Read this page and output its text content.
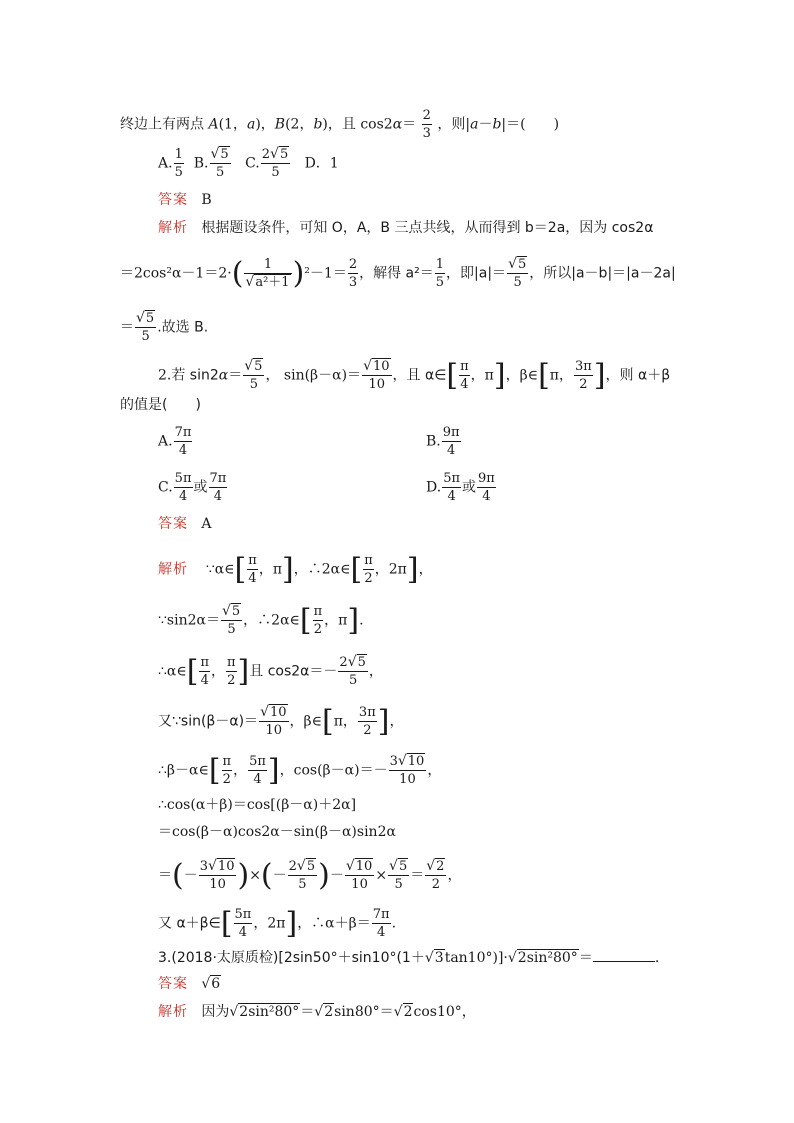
终边上有两点 A(1，a)，B(2，b)，且 $\cos 2\alpha= \frac{2}{3}$ ，则|a－b|＝(　　)
A. $\frac{1}{5} B$. $\frac{√5}{5} C$. $\frac{2√5}{5}$ D．1
答案 B
解析 根据题设条件，可知 O，A，B 三点共线，从而得到 b＝2a，因为 cos2α
$=2\cos^2\alpha-1=2\cdot( \frac{1}{\text{√a²＋1}} )^2-1= \frac{2}{3}$ ，解得 $a^2= \frac{1}{5}$ ，即$|a|= \frac{√5}{5}$ ，所以|a－b|＝|a－2a|
＝ $\frac{√5}{5}$ .故选 B.
2.若 $\sin 2\alpha= \frac{√5}{5}$ ， $\sin(\beta-\alpha)= \frac{√10}{10}$ ，且 α∈[ $\frac{\pi}{4}$ ，π]，β∈[π， $\frac{3\pi}{2}$ ]，则 α＋β
的值是(　　)
A. $\frac{7\pi}{4}$	B. $\frac{9\pi}{4}$
C. $\frac{5\pi}{4}$ 或 $\frac{7\pi}{4}$	D. $\frac{5\pi}{4}$ 或 $\frac{9\pi}{4}$
答案 A
解析 ∵α∈[ $\frac{\pi}{4}$ ，π]，∴2α∈[ $\frac{\pi}{2}$ ，2π]，
∵sin2α＝ $\frac{√5}{5}$ ，∴2α∈[ $\frac{\pi}{2}$ ，π].
∴α∈[ $\frac{\pi}{4}$ ， $\frac{\pi}{2}$ ]且 $\cos 2\alpha=- \frac{2√5}{5}$ ，
又∵sin(β－α)＝ $\frac{√10}{10}$ ，β∈[π， $\frac{3\pi}{2}$ ]，
∴β－α∈[ $\frac{\pi}{2}$ ， $\frac{5\pi}{4}$ ]，$\cos(\beta-\alpha)=- \frac{3√10}{10}$ ，
∴cos(α＋β)＝cos[(β－α)＋2α]
＝cos(β－α)cos2α－sin(β－α)sin2α
＝(－ $\frac{3√10}{10}$ )×(－ $\frac{2√5}{5}$ )－ $\frac{√10}{10} \times \frac{√5}{5} = \frac{√2}{2}$ ，
又 α＋β∈[ $\frac{5\pi}{4}$ ，2π]，∴α＋β＝ $\frac{7\pi}{4}$ .
3.(2018·太原质检)[2sin50°＋sin10°(1＋√3tan10°)]·√2sin²80°＝	.
答案 √6
解析 因为√2sin²80°＝√2sin80°＝√2cos10°，
